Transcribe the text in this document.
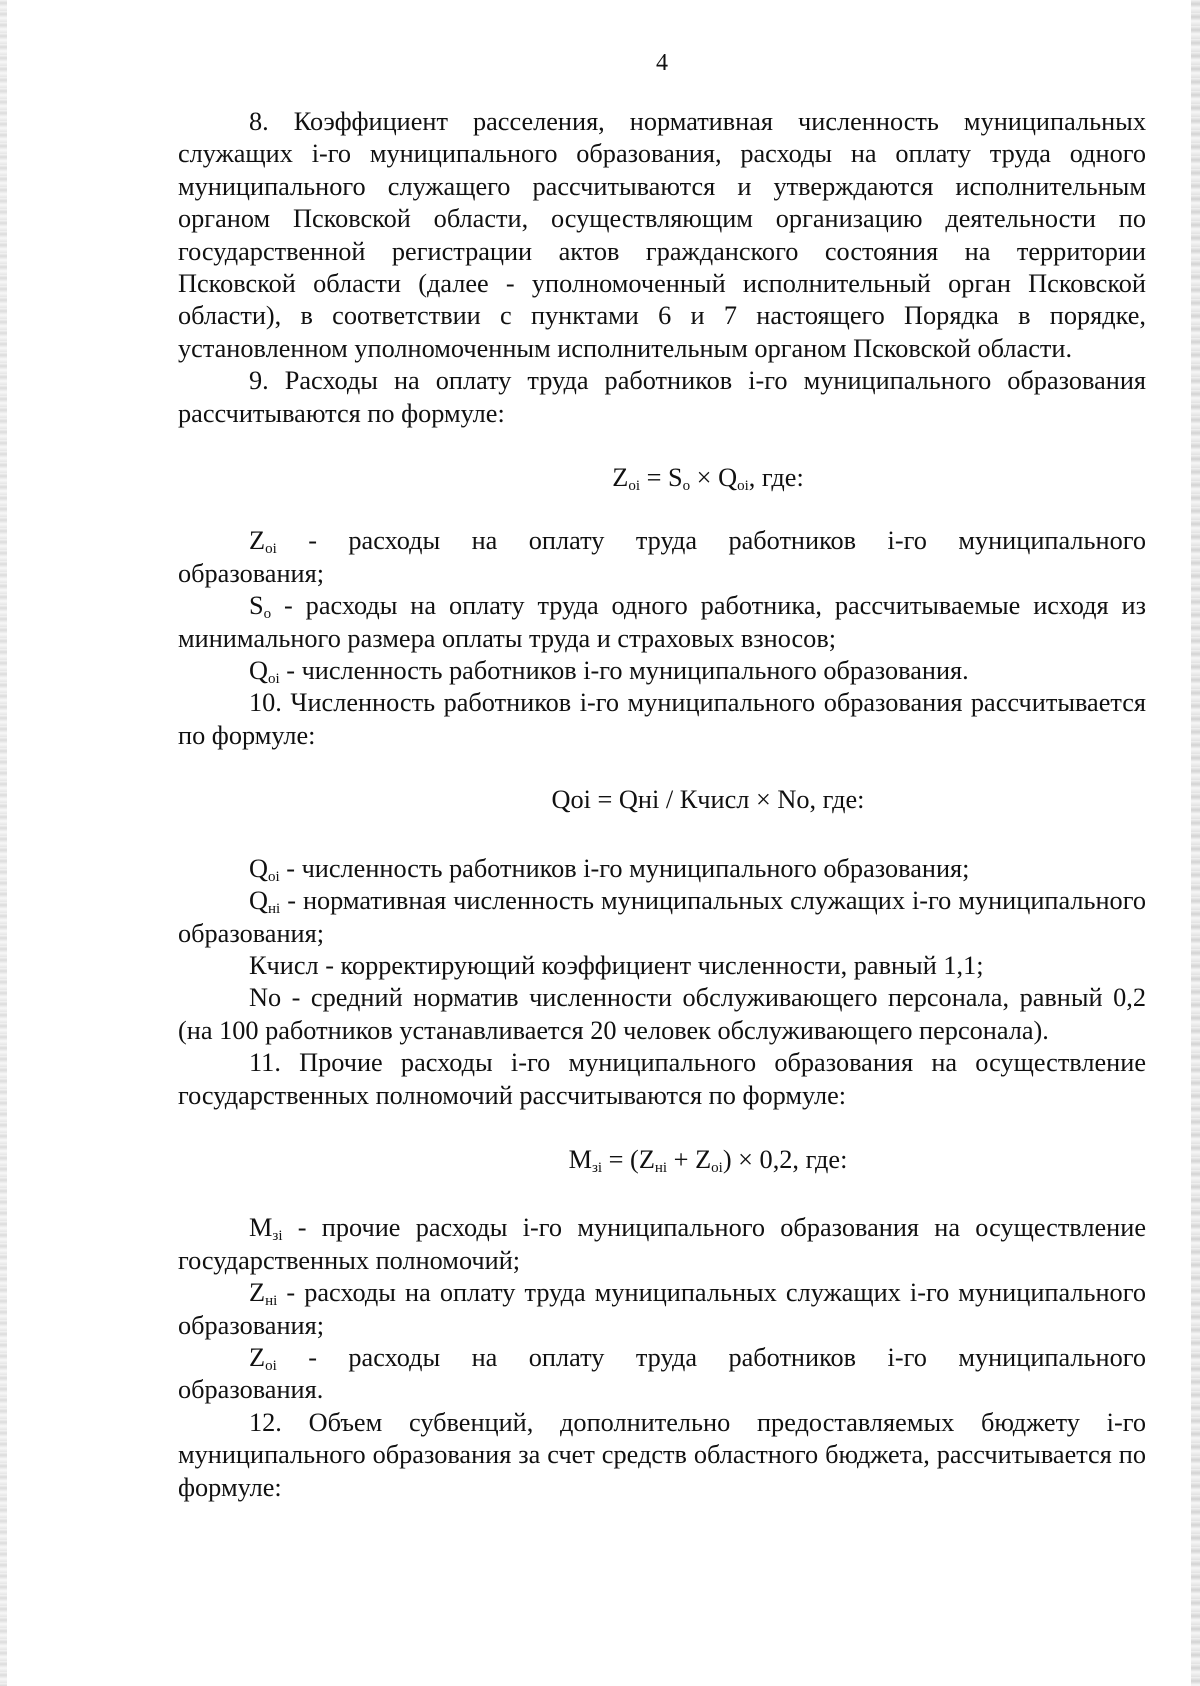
4

8. Коэффициент расселения, нормативная численность муниципальных служащих i-го муниципального образования, расходы на оплату труда одного муниципального служащего рассчитываются и утверждаются исполнительным органом Псковской области, осуществляющим организацию деятельности по государственной регистрации актов гражданского состояния на территории Псковской области (далее - уполномоченный исполнительный орган Псковской области), в соответствии с пунктами 6 и 7 настоящего Порядка в порядке, установленном уполномоченным исполнительным органом Псковской области.

9. Расходы на оплату труда работников i-го муниципального образования рассчитываются по формуле:

$Z_{oi} = S_o \times Q_{oi}$, где:

$Z_{oi}$ - расходы на оплату труда работников i-го муниципального образования;

$S_o$ - расходы на оплату труда одного работника, рассчитываемые исходя из минимального размера оплаты труда и страховых взносов;

$Q_{oi}$ - численность работников i-го муниципального образования.

10. Численность работников i-го муниципального образования рассчитывается по формуле:

Qoi = Qнi / Кчисл × No, где:

$Q_{oi}$ - численность работников i-го муниципального образования;

$Q_{нi}$ - нормативная численность муниципальных служащих i-го муниципального образования;

Кчисл - корректирующий коэффициент численности, равный 1,1;

No - средний норматив численности обслуживающего персонала, равный 0,2 (на 100 работников устанавливается 20 человек обслуживающего персонала).

11. Прочие расходы i-го муниципального образования на осуществление государственных полномочий рассчитываются по формуле:

$M_{зi} = (Z_{нi} + Z_{oi}) \times 0,2$, где:

$M_{зi}$ - прочие расходы i-го муниципального образования на осуществление государственных полномочий;

$Z_{нi}$ - расходы на оплату труда муниципальных служащих i-го муниципального образования;

$Z_{oi}$ - расходы на оплату труда работников i-го муниципального образования.

12. Объем субвенций, дополнительно предоставляемых бюджету i-го муниципального образования за счет средств областного бюджета, рассчитывается по формуле:
